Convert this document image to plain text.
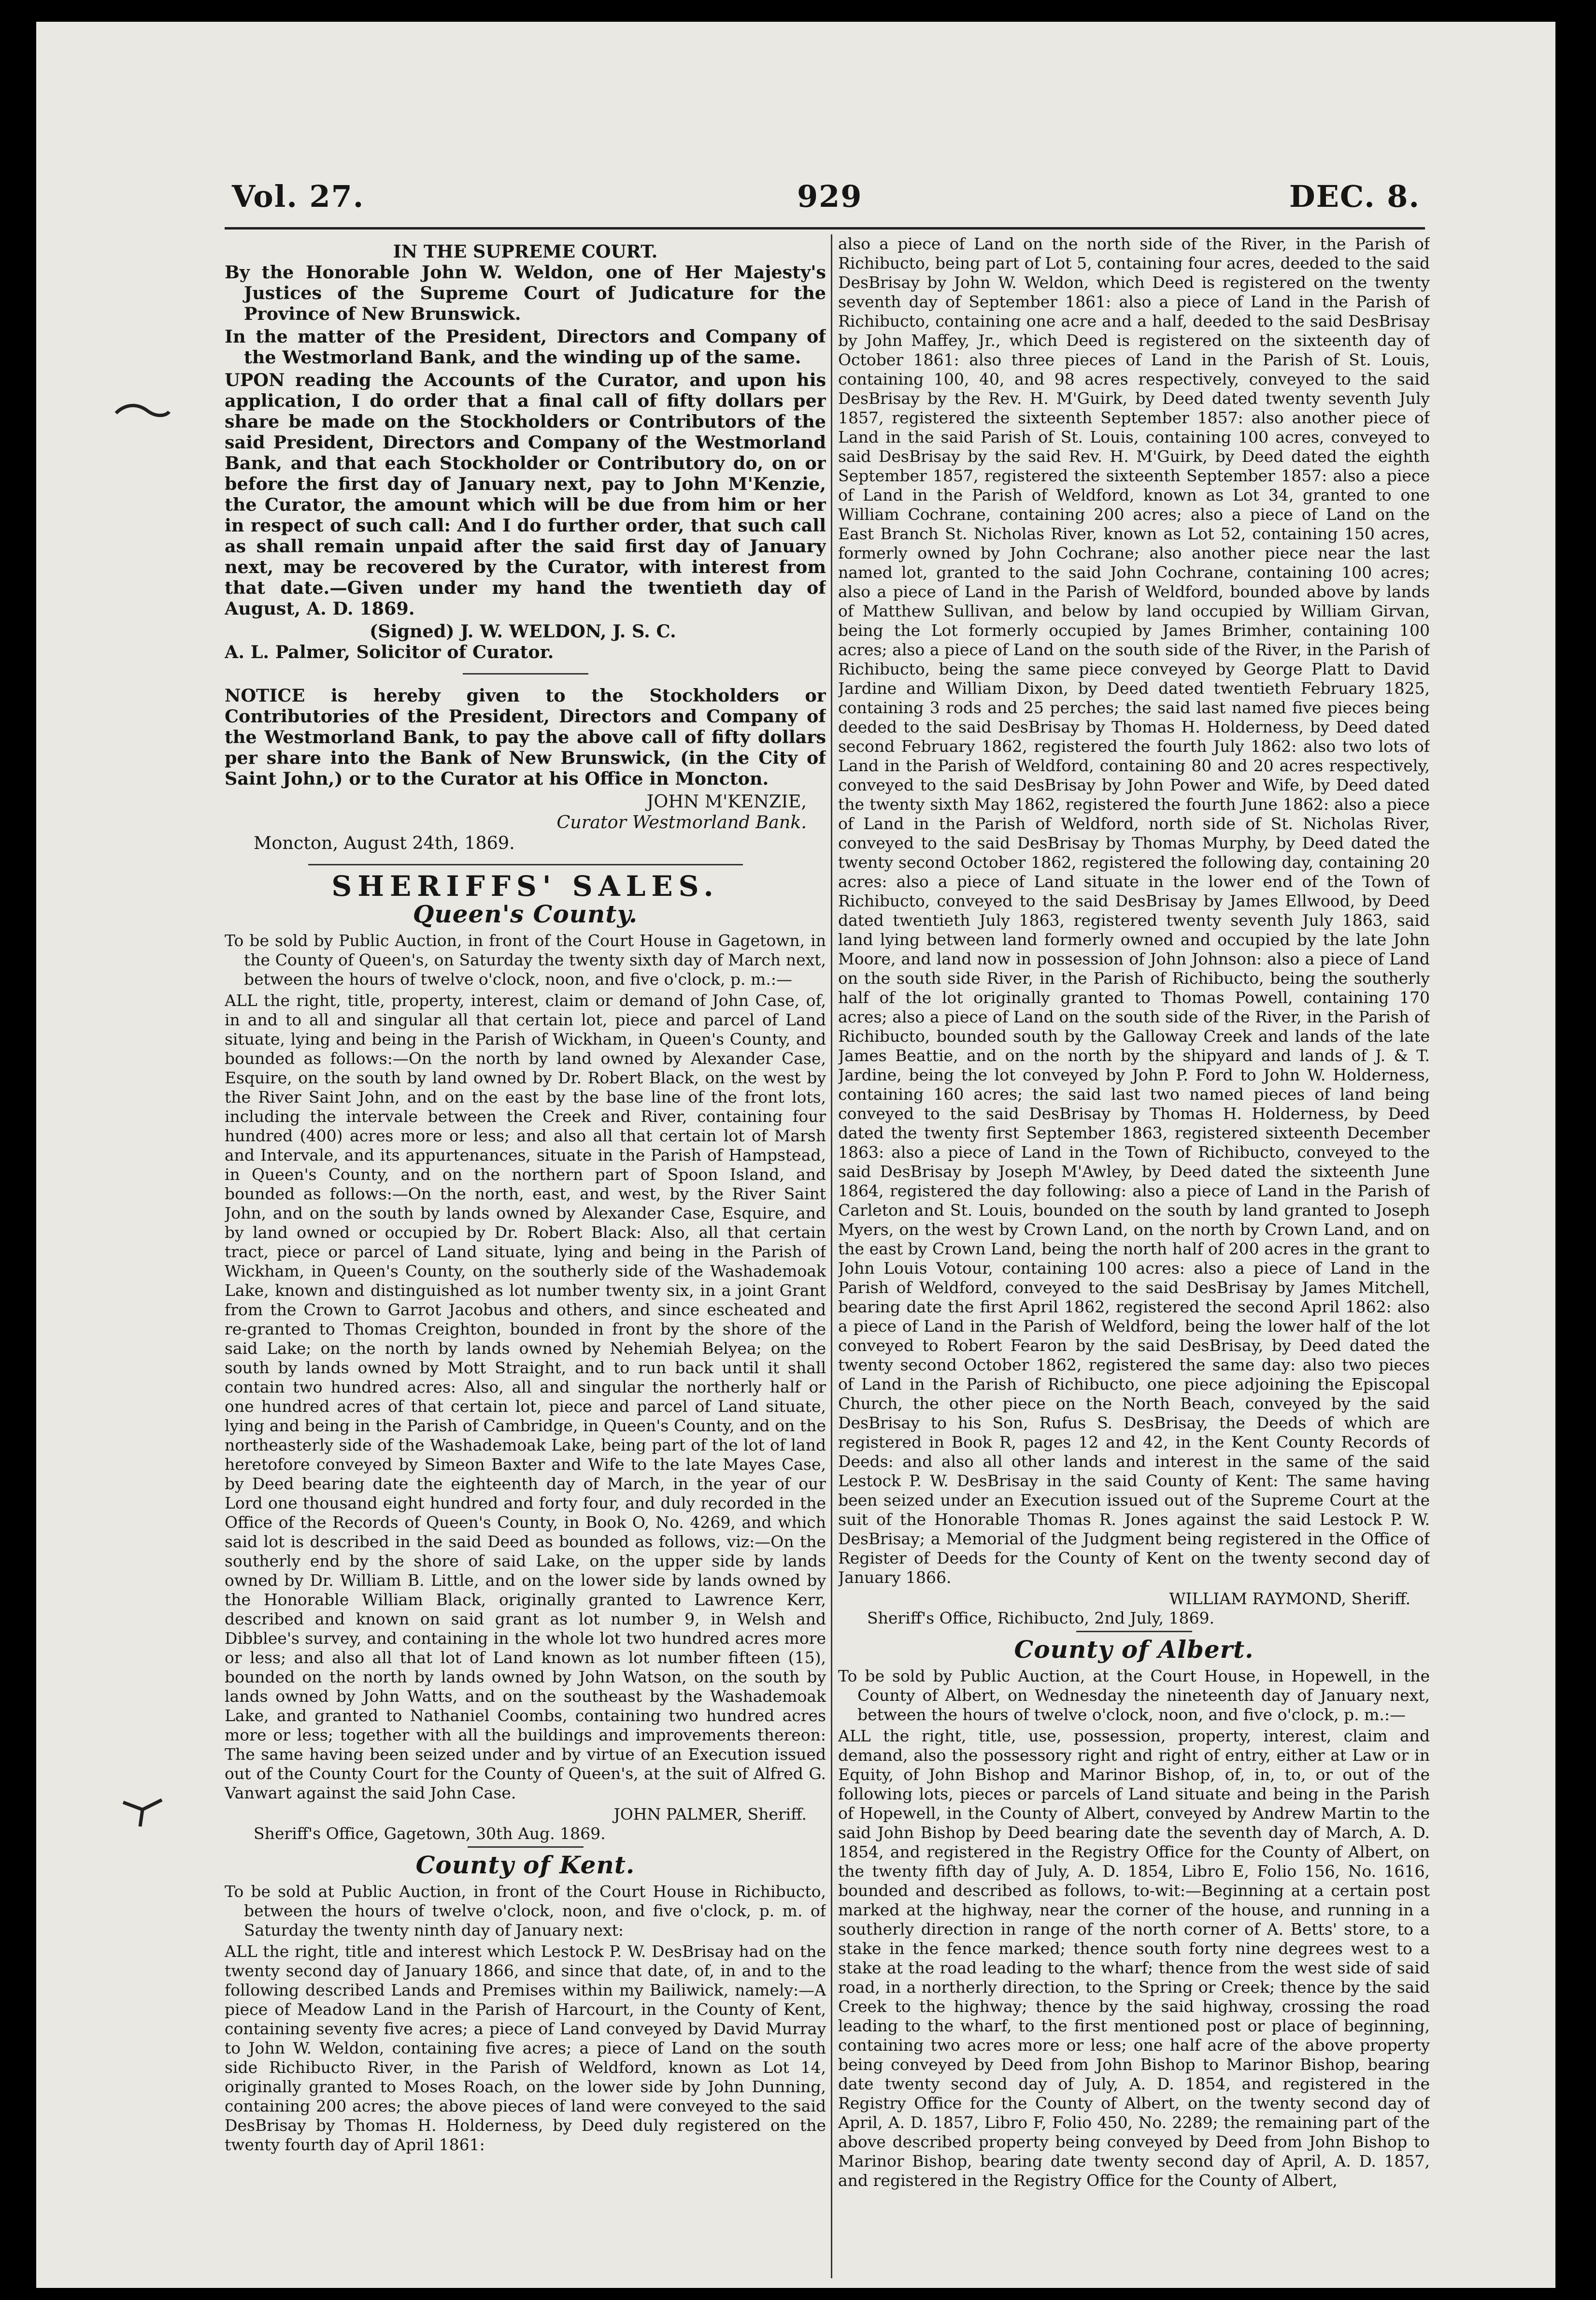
Vol. 27.	929	DEC. 8.

IN THE SUPREME COURT.

By the Honorable John W. Weldon, one of Her Majesty's Justices of the Supreme Court of Judicature for the Province of New Brunswick.

In the matter of the President, Directors and Company of the Westmorland Bank, and the winding up of the same.

UPON reading the Accounts of the Curator, and upon his application, I do order that a final call of fifty dollars per share be made on the Stockholders or Contributors of the said President, Directors and Company of the Westmorland Bank, and that each Stockholder or Contributory do, on or before the first day of January next, pay to John M'Kenzie, the Curator, the amount which will be due from him or her in respect of such call: And I do further order, that such call as shall remain unpaid after the said first day of January next, may be recovered by the Curator, with interest from that date.—Given under my hand the twentieth day of August, A. D. 1869.

(Signed) J. W. WELDON, J. S. C.

A. L. Palmer, Solicitor of Curator.

NOTICE is hereby given to the Stockholders or Contributories of the President, Directors and Company of the Westmorland Bank, to pay the above call of fifty dollars per share into the Bank of New Brunswick, (in the City of Saint John,) or to the Curator at his Office in Moncton.

JOHN M'KENZIE,

Curator Westmorland Bank.

Moncton, August 24th, 1869.

SHERIFFS' SALES.

Queen's County.

To be sold by Public Auction, in front of the Court House in Gagetown, in the County of Queen's, on Saturday the twenty sixth day of March next, between the hours of twelve o'clock, noon, and five o'clock, p. m.:—

ALL the right, title, property, interest, claim or demand of John Case, of, in and to all and singular all that certain lot, piece and parcel of Land situate, lying and being in the Parish of Wickham, in Queen's County, and bounded as follows:—On the north by land owned by Alexander Case, Esquire, on the south by land owned by Dr. Robert Black, on the west by the River Saint John, and on the east by the base line of the front lots, including the intervale between the Creek and River, containing four hundred (400) acres more or less; and also all that certain lot of Marsh and Intervale, and its appurtenances, situate in the Parish of Hampstead, in Queen's County, and on the northern part of Spoon Island, and bounded as follows:—On the north, east, and west, by the River Saint John, and on the south by lands owned by Alexander Case, Esquire, and by land owned or occupied by Dr. Robert Black: Also, all that certain tract, piece or parcel of Land situate, lying and being in the Parish of Wickham, in Queen's County, on the southerly side of the Washademoak Lake, known and distinguished as lot number twenty six, in a joint Grant from the Crown to Garrot Jacobus and others, and since escheated and re-granted to Thomas Creighton, bounded in front by the shore of the said Lake; on the north by lands owned by Nehemiah Belyea; on the south by lands owned by Mott Straight, and to run back until it shall contain two hundred acres: Also, all and singular the northerly half or one hundred acres of that certain lot, piece and parcel of Land situate, lying and being in the Parish of Cambridge, in Queen's County, and on the northeasterly side of the Washademoak Lake, being part of the lot of land heretofore conveyed by Simeon Baxter and Wife to the late Mayes Case, by Deed bearing date the eighteenth day of March, in the year of our Lord one thousand eight hundred and forty four, and duly recorded in the Office of the Records of Queen's County, in Book O, No. 4269, and which said lot is described in the said Deed as bounded as follows, viz:—On the southerly end by the shore of said Lake, on the upper side by lands owned by Dr. William B. Little, and on the lower side by lands owned by the Honorable William Black, originally granted to Lawrence Kerr, described and known on said grant as lot number 9, in Welsh and Dibblee's survey, and containing in the whole lot two hundred acres more or less; and also all that lot of Land known as lot number fifteen (15), bounded on the north by lands owned by John Watson, on the south by lands owned by John Watts, and on the southeast by the Washademoak Lake, and granted to Nathaniel Coombs, containing two hundred acres more or less; together with all the buildings and improvements thereon: The same having been seized under and by virtue of an Execution issued out of the County Court for the County of Queen's, at the suit of Alfred G. Vanwart against the said John Case.

JOHN PALMER, Sheriff.

Sheriff's Office, Gagetown, 30th Aug. 1869.

County of Kent.

To be sold at Public Auction, in front of the Court House in Richibucto, between the hours of twelve o'clock, noon, and five o'clock, p. m. of Saturday the twenty ninth day of January next:

ALL the right, title and interest which Lestock P. W. DesBrisay had on the twenty second day of January 1866, and since that date, of, in and to the following described Lands and Premises within my Bailiwick, namely:—A piece of Meadow Land in the Parish of Harcourt, in the County of Kent, containing seventy five acres; a piece of Land conveyed by David Murray to John W. Weldon, containing five acres; a piece of Land on the south side Richibucto River, in the Parish of Weldford, known as Lot 14, originally granted to Moses Roach, on the lower side by John Dunning, containing 200 acres; the above pieces of land were conveyed to the said DesBrisay by Thomas H. Holderness, by Deed duly registered on the twenty fourth day of April 1861:

also a piece of Land on the north side of the River, in the Parish of Richibucto, being part of Lot 5, containing four acres, deeded to the said DesBrisay by John W. Weldon, which Deed is registered on the twenty seventh day of September 1861: also a piece of Land in the Parish of Richibucto, containing one acre and a half, deeded to the said DesBrisay by John Maffey, Jr., which Deed is registered on the sixteenth day of October 1861: also three pieces of Land in the Parish of St. Louis, containing 100, 40, and 98 acres respectively, conveyed to the said DesBrisay by the Rev. H. M'Guirk, by Deed dated twenty seventh July 1857, registered the sixteenth September 1857: also another piece of Land in the said Parish of St. Louis, containing 100 acres, conveyed to said DesBrisay by the said Rev. H. M'Guirk, by Deed dated the eighth September 1857, registered the sixteenth September 1857: also a piece of Land in the Parish of Weldford, known as Lot 34, granted to one William Cochrane, containing 200 acres; also a piece of Land on the East Branch St. Nicholas River, known as Lot 52, containing 150 acres, formerly owned by John Cochrane; also another piece near the last named lot, granted to the said John Cochrane, containing 100 acres; also a piece of Land in the Parish of Weldford, bounded above by lands of Matthew Sullivan, and below by land occupied by William Girvan, being the Lot formerly occupied by James Brimher, containing 100 acres; also a piece of Land on the south side of the River, in the Parish of Richibucto, being the same piece conveyed by George Platt to David Jardine and William Dixon, by Deed dated twentieth February 1825, containing 3 rods and 25 perches; the said last named five pieces being deeded to the said DesBrisay by Thomas H. Holderness, by Deed dated second February 1862, registered the fourth July 1862: also two lots of Land in the Parish of Weldford, containing 80 and 20 acres respectively, conveyed to the said DesBrisay by John Power and Wife, by Deed dated the twenty sixth May 1862, registered the fourth June 1862: also a piece of Land in the Parish of Weldford, north side of St. Nicholas River, conveyed to the said DesBrisay by Thomas Murphy, by Deed dated the twenty second October 1862, registered the following day, containing 20 acres: also a piece of Land situate in the lower end of the Town of Richibucto, conveyed to the said DesBrisay by James Ellwood, by Deed dated twentieth July 1863, registered twenty seventh July 1863, said land lying between land formerly owned and occupied by the late John Moore, and land now in possession of John Johnson: also a piece of Land on the south side River, in the Parish of Richibucto, being the southerly half of the lot originally granted to Thomas Powell, containing 170 acres; also a piece of Land on the south side of the River, in the Parish of Richibucto, bounded south by the Galloway Creek and lands of the late James Beattie, and on the north by the shipyard and lands of J. & T. Jardine, being the lot conveyed by John P. Ford to John W. Holderness, containing 160 acres; the said last two named pieces of land being conveyed to the said DesBrisay by Thomas H. Holderness, by Deed dated the twenty first September 1863, registered sixteenth December 1863: also a piece of Land in the Town of Richibucto, conveyed to the said DesBrisay by Joseph M'Awley, by Deed dated the sixteenth June 1864, registered the day following: also a piece of Land in the Parish of Carleton and St. Louis, bounded on the south by land granted to Joseph Myers, on the west by Crown Land, on the north by Crown Land, and on the east by Crown Land, being the north half of 200 acres in the grant to John Louis Votour, containing 100 acres: also a piece of Land in the Parish of Weldford, conveyed to the said DesBrisay by James Mitchell, bearing date the first April 1862, registered the second April 1862: also a piece of Land in the Parish of Weldford, being the lower half of the lot conveyed to Robert Fearon by the said DesBrisay, by Deed dated the twenty second October 1862, registered the same day: also two pieces of Land in the Parish of Richibucto, one piece adjoining the Episcopal Church, the other piece on the North Beach, conveyed by the said DesBrisay to his Son, Rufus S. DesBrisay, the Deeds of which are registered in Book R, pages 12 and 42, in the Kent County Records of Deeds: and also all other lands and interest in the same of the said Lestock P. W. DesBrisay in the said County of Kent: The same having been seized under an Execution issued out of the Supreme Court at the suit of the Honorable Thomas R. Jones against the said Lestock P. W. DesBrisay; a Memorial of the Judgment being registered in the Office of Register of Deeds for the County of Kent on the twenty second day of January 1866.

WILLIAM RAYMOND, Sheriff.

Sheriff's Office, Richibucto, 2nd July, 1869.

County of Albert.

To be sold by Public Auction, at the Court House, in Hopewell, in the County of Albert, on Wednesday the nineteenth day of January next, between the hours of twelve o'clock, noon, and five o'clock, p. m.:—

ALL the right, title, use, possession, property, interest, claim and demand, also the possessory right and right of entry, either at Law or in Equity, of John Bishop and Marinor Bishop, of, in, to, or out of the following lots, pieces or parcels of Land situate and being in the Parish of Hopewell, in the County of Albert, conveyed by Andrew Martin to the said John Bishop by Deed bearing date the seventh day of March, A. D. 1854, and registered in the Registry Office for the County of Albert, on the twenty fifth day of July, A. D. 1854, Libro E, Folio 156, No. 1616, bounded and described as follows, to-wit:—Beginning at a certain post marked at the highway, near the corner of the house, and running in a southerly direction in range of the north corner of A. Betts' store, to a stake in the fence marked; thence south forty nine degrees west to a stake at the road leading to the wharf; thence from the west side of said road, in a northerly direction, to the Spring or Creek; thence by the said Creek to the highway; thence by the said highway, crossing the road leading to the wharf, to the first mentioned post or place of beginning, containing two acres more or less; one half acre of the above property being conveyed by Deed from John Bishop to Marinor Bishop, bearing date twenty second day of July, A. D. 1854, and registered in the Registry Office for the County of Albert, on the twenty second day of April, A. D. 1857, Libro F, Folio 450, No. 2289; the remaining part of the above described property being conveyed by Deed from John Bishop to Marinor Bishop, bearing date twenty second day of April, A. D. 1857, and registered in the Registry Office for the County of Albert,
